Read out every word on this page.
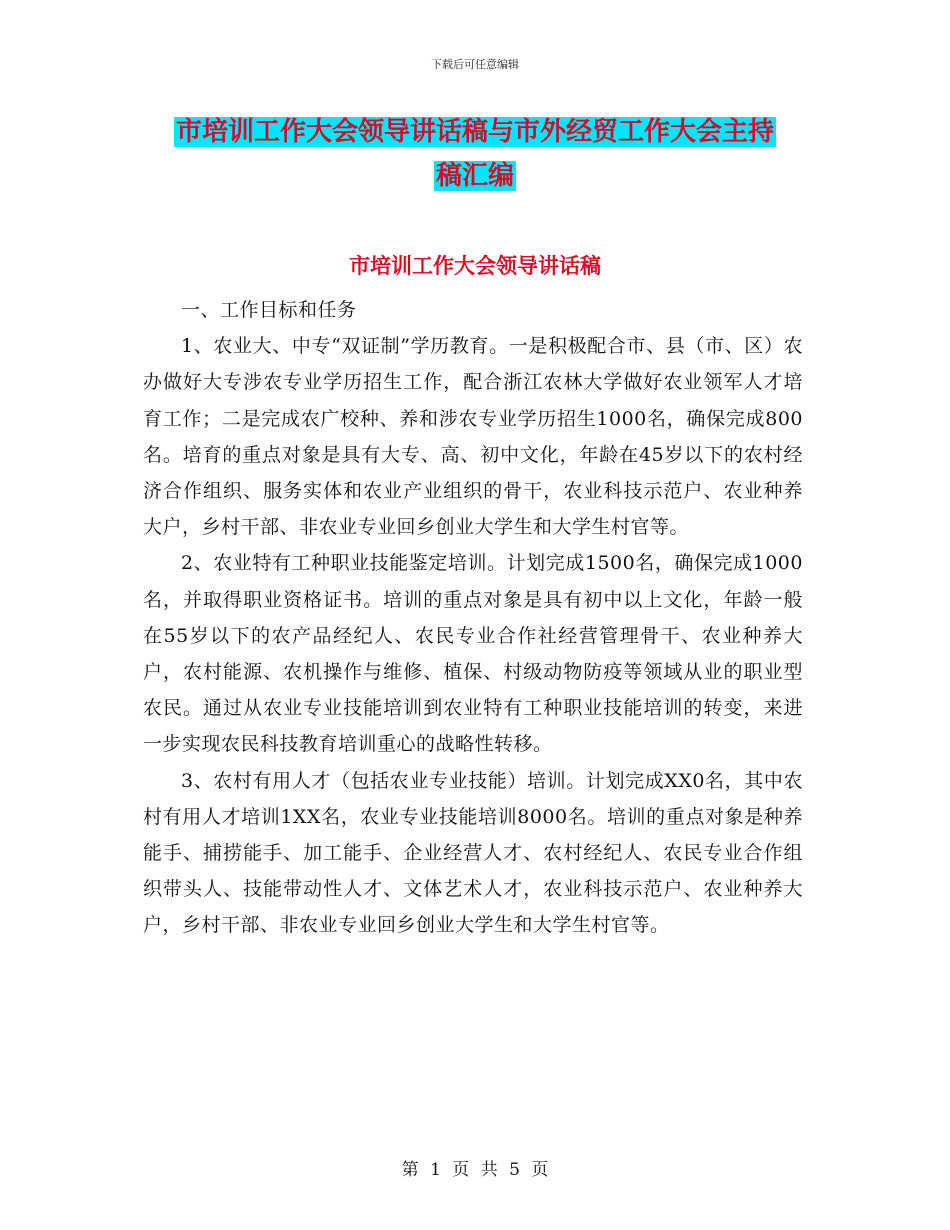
下载后可任意编辑
市培训工作大会领导讲话稿与市外经贸工作大会主持
稿汇编
市培训工作大会领导讲话稿

一、工作目标和任务

1、农业大、中专“双证制”学历教育。一是积极配合市、县（市、区）农办做好大专涉农专业学历招生工作，配合浙江农林大学做好农业领军人才培育工作；二是完成农广校种、养和涉农专业学历招生1000名，确保完成800名。培育的重点对象是具有大专、高、初中文化，年龄在45岁以下的农村经济合作组织、服务实体和农业产业组织的骨干，农业科技示范户、农业种养大户，乡村干部、非农业专业回乡创业大学生和大学生村官等。

2、农业特有工种职业技能鉴定培训。计划完成1500名，确保完成1000名，并取得职业资格证书。培训的重点对象是具有初中以上文化，年龄一般在55岁以下的农产品经纪人、农民专业合作社经营管理骨干、农业种养大户，农村能源、农机操作与维修、植保、村级动物防疫等领域从业的职业型农民。通过从农业专业技能培训到农业特有工种职业技能培训的转变，来进一步实现农民科技教育培训重心的战略性转移。

3、农村有用人才（包括农业专业技能）培训。计划完成XX0名，其中农村有用人才培训1XX名，农业专业技能培训8000名。培训的重点对象是种养能手、捕捞能手、加工能手、企业经营人才、农村经纪人、农民专业合作组织带头人、技能带动性人才、文体艺术人才，农业科技示范户、农业种养大户，乡村干部、非农业专业回乡创业大学生和大学生村官等。

第 1 页 共 5 页
